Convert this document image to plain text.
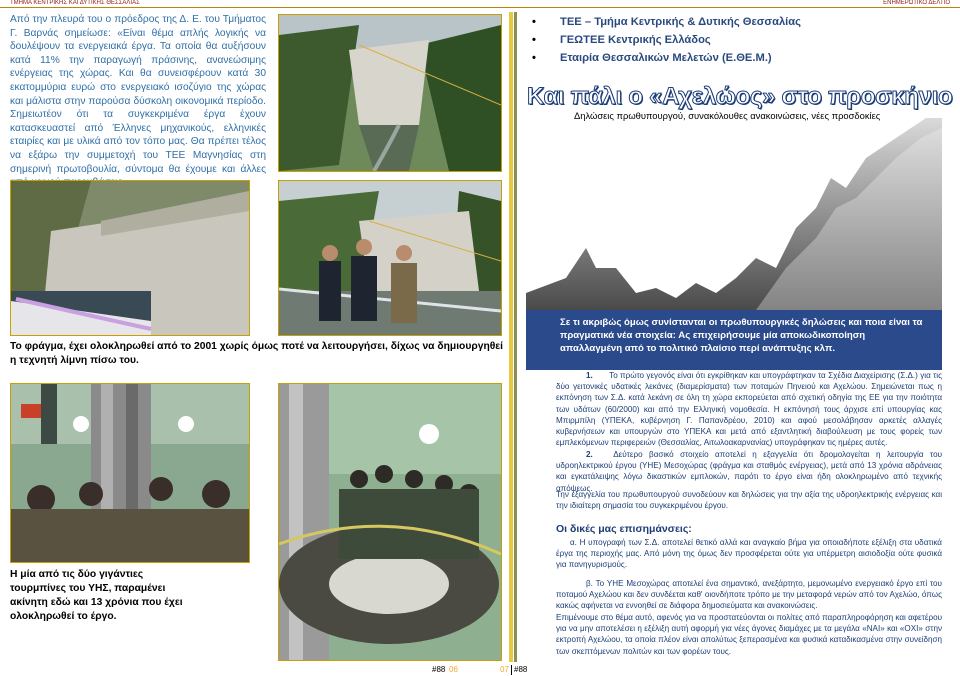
ΤΜΗΜΑ ΚΕΝΤΡΙΚΗΣ ΚΑΙ ΔΥΤΙΚΗΣ ΘΕΣΣΑΛΙΑΣ	ΕΝΗΜΕΡΩΤΙΚΟ ΔΕΛΤΙΟ
Από την πλευρά του ο πρόεδρος της Δ. Ε. του Τμήματος Γ. Βαρνάς σημείωσε: «Είναι θέμα απλής λογικής να δουλέψουν τα ενεργειακά έργα. Τα οποία θα αυξήσουν κατά 11% την παραγωγή πράσινης, ανανεώσιμης ενέργειας της χώρας. Και θα συνεισφέρουν κατά 30 εκατομμύρια ευρώ στο ενεργειακό ισοζύγιο της χώρας και μάλιστα στην παρούσα δύσκολη οικονομικά περίοδο. Σημειωτέον ότι τα συγκεκριμένα έργα έχουν κατασκευαστεί από Έλληνες μηχανικούς, ελληνικές εταιρίες και με υλικά από τον τόπο μας. Θα πρέπει τέλος να εξάρω την συμμετοχή του ΤΕΕ Μαγνησίας στη σημερινή πρωτοβουλία, σύντομα θα έχουμε και άλλες
Το φράγμα, έχει ολοκληρωθεί από το 2001 χωρίς όμως ποτέ να λειτουργήσει, δίχως να δημιουργηθεί η τεχνητή λίμνη πίσω του.
Η μία από τις δύο γιγάντιες τουρμπίνες του ΥΗΣ, παραμένει ακίνητη εδώ και 13 χρόνια που έχει ολοκληρωθεί το έργο.
• ΤΕΕ – Τμήμα Κεντρικής & Δυτικής Θεσσαλίας
• ΓΕΩΤΕΕ Κεντρικής Ελλάδος
• Εταιρία Θεσσαλικών Μελετών (Ε.ΘΕ.Μ.)
Και πάλι ο «Αχελώος» στο προσκήνιο
Δηλώσεις πρωθυπουργού, συνακόλουθες ανακοινώσεις, νέες προσδοκίες
Σε τι ακριβώς όμως συνίστανται οι πρωθυπουργικές δηλώσεις και ποια είναι τα πραγματικά νέα στοιχεία: Ας επιχειρήσουμε μία αποκωδικοποίηση απαλλαγμένη από το πολιτικό πλαίσιο περί ανάπτυξης κλπ.
1. Το πρώτο γεγονός είναι ότι εγκρίθηκαν και υπογράφτηκαν τα Σχέδια Διαχείρισης (Σ.Δ.) για τις δύο γειτονικές υδατικές λεκάνες (διαμερίσματα) των ποταμών Πηνειού και Αχελώου. Σημειώνεται πως η εκπόνηση των Σ.Δ. κατά λεκάνη σε όλη τη χώρα εκπορεύεται από σχετική οδηγία της ΕΕ για την ποιότητα των υδάτων (60/2000) και από την Ελληνική νομοθεσία. Η εκπόνησή τους άρχισε επί υπουργίας κας Μπιρμπίλη (ΥΠΕΚΑ, κυβέρνηση Γ. Παπανδρέου, 2010) και αφού μεσολάβησαν αρκετές αλλαγές κυβερνήσεων και υπουργών στο ΥΠΕΚΑ και μετά από εξαντλητική διαβούλευση με τους φορείς των εμπλεκόμενων περιφερειών (Θεσσαλίας, Αιτωλοακαρνανίας) υπογράφηκαν τις ημέρες αυτές.
2.	Δεύτερο βασικό στοιχείο αποτελεί η εξαγγελία ότι δρομολογείται η λειτουργία του υδροηλεκτρικού έργου (ΥΗΕ) Μεσοχώρας (φράγμα και σταθμός ενέργειας), μετά από 13 χρόνια αδράνειας και εγκατάλειψης λόγω δικαστικών εμπλοκών, παρότι το έργο είναι ήδη ολοκληρωμένο από τεχνικής απόψεως.
Την εξαγγελία του πρωθυπουργού συνοδεύουν και δηλώσεις για την αξία της υδροηλεκτρικής ενέργειας και την ιδιαίτερη σημασία του συγκεκριμένου έργου.
Οι δικές μας επισημάνσεις:
α. Η υπογραφή των Σ.Δ. αποτελεί θετικό αλλά και αναγκαίο βήμα για οποιαδήποτε εξέλιξη στα υδατικά έργα της περιοχής μας. Από μόνη της όμως δεν προσφέρεται ούτε για υπέρμετρη αισιοδοξία ούτε φυσικά για πανηγυρισμούς.
β. Το ΥΗΕ Μεσοχώρας αποτελεί ένα σημαντικό, ανεξάρτητο, μεμονωμένο ενεργειακό έργο επί του ποταμού Αχελώου και δεν συνδέεται καθ' οιονδήποτε τρόπο με την μεταφορά νερών από τον Αχελώο, όπως κακώς αφήνεται να εννοηθεί σε διάφορα δημοσιεύματα και ανακοινώσεις.
Επιμένουμε στο θέμα αυτό, αφενός για να προστατεύονται οι πολίτες από παραπληροφόρηση και αφετέρου για να μην αποτελέσει η εξέλιξη αυτή αφορμή για νέες άγονες διαμάχες με τα μεγάλα «ΝΑΙ» και «ΟΧΙ» στην εκτροπή Αχελώου, τα οποία πλέον είναι απολύτως ξεπερασμένα και φυσικά καταδικασμένα στην συνείδηση των σκεπτόμενων πολιτών και των φορέων τους.
#88 06	07 #88
